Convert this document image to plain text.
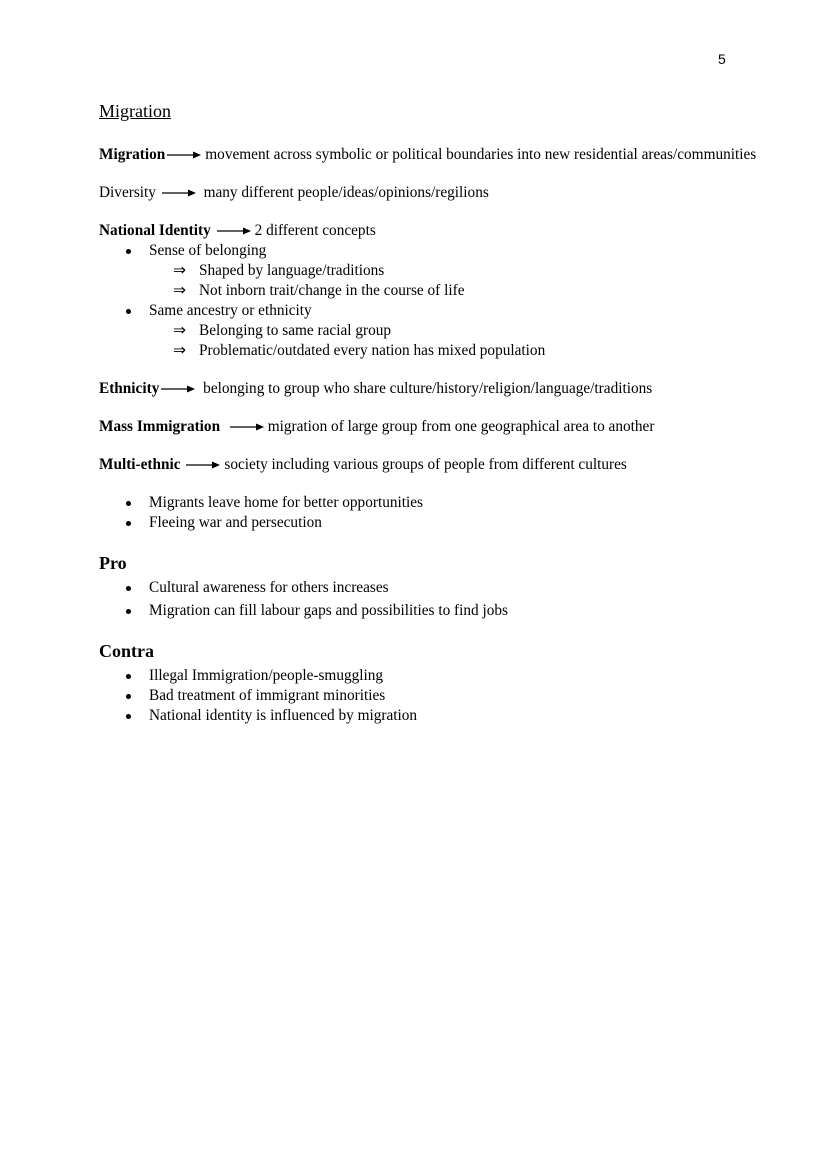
5
Migration
Migration	movement across symbolic or political boundaries into new residential areas/communities
Diversity	many different people/ideas/opinions/regilions
National Identity	2 different concepts
Sense of belonging
⇒ Shaped by language/traditions
⇒ Not inborn trait/change in the course of life
Same ancestry or ethnicity
⇒ Belonging to same racial group
⇒ Problematic/outdated every nation has mixed population
Ethnicity	belonging to group who share culture/history/religion/language/traditions
Mass Immigration	migration of large group from one geographical area to another
Multi-ethnic	society including various groups of people from different cultures
Migrants leave home for better opportunities
Fleeing war and persecution
Pro
Cultural awareness for others increases
Migration can fill labour gaps and possibilities to find jobs
Contra
Illegal Immigration/people-smuggling
Bad treatment of immigrant minorities
National identity is influenced by migration
